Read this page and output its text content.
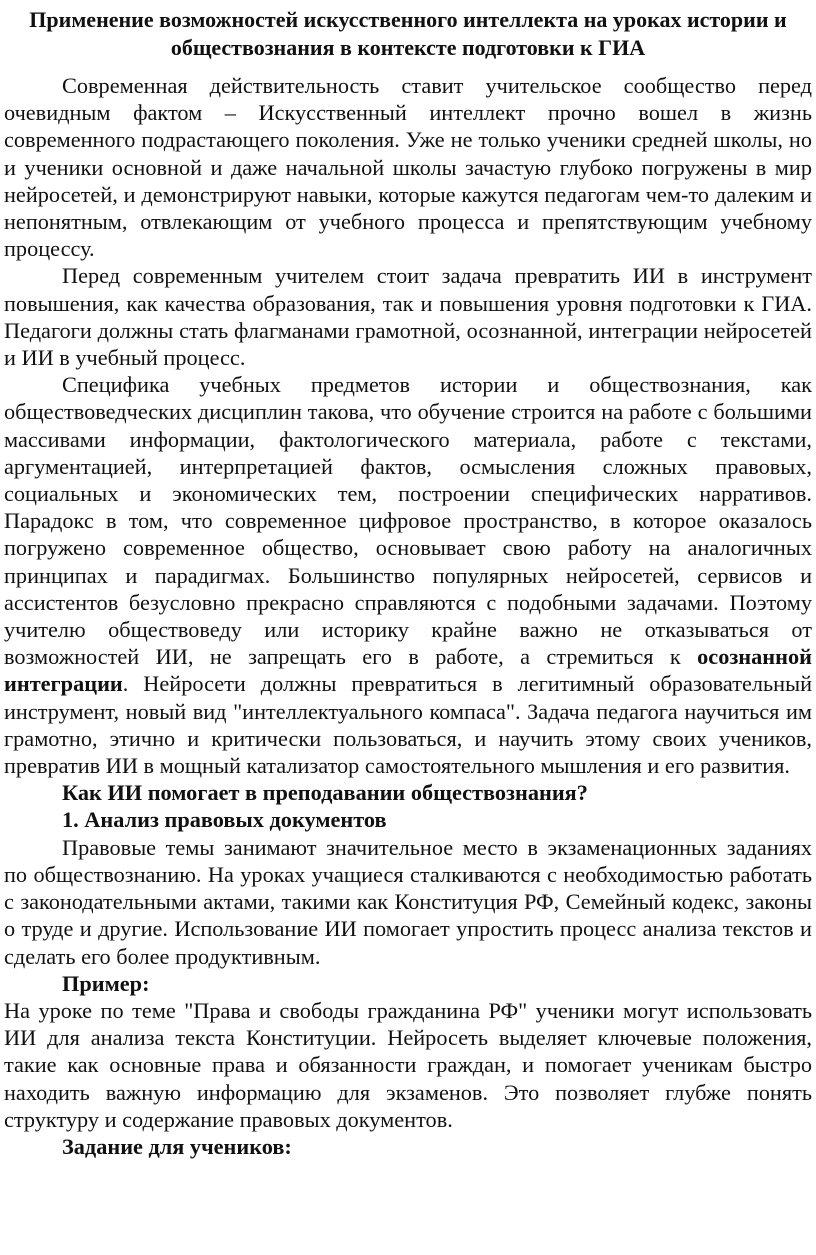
Применение возможностей искусственного интеллекта на уроках истории и обществознания в контексте подготовки к ГИА

Современная действительность ставит учительское сообщество перед очевидным фактом – Искусственный интеллект прочно вошел в жизнь современного подрастающего поколения. Уже не только ученики средней школы, но и ученики основной и даже начальной школы зачастую глубоко погружены в мир нейросетей, и демонстрируют навыки, которые кажутся педагогам чем-то далеким и непонятным, отвлекающим от учебного процесса и препятствующим учебному процессу.

Перед современным учителем стоит задача превратить ИИ в инструмент повышения, как качества образования, так и повышения уровня подготовки к ГИА. Педагоги должны стать флагманами грамотной, осознанной, интеграции нейросетей и ИИ в учебный процесс.

Специфика учебных предметов истории и обществознания, как обществоведческих дисциплин такова, что обучение строится на работе с большими массивами информации, фактологического материала, работе с текстами, аргументацией, интерпретацией фактов, осмысления сложных правовых, социальных и экономических тем, построении специфических нарративов. Парадокс в том, что современное цифровое пространство, в которое оказалось погружено современное общество, основывает свою работу на аналогичных принципах и парадигмах. Большинство популярных нейросетей, сервисов и ассистентов безусловно прекрасно справляются с подобными задачами. Поэтому учителю обществоведу или историку крайне важно не отказываться от возможностей ИИ, не запрещать его в работе, а стремиться к осознанной интеграции. Нейросети должны превратиться в легитимный образовательный инструмент, новый вид "интеллектуального компаса". Задача педагога научиться им грамотно, этично и критически пользоваться, и научить этому своих учеников, превратив ИИ в мощный катализатор самостоятельного мышления и его развития.

Как ИИ помогает в преподавании обществознания?

1. Анализ правовых документов

Правовые темы занимают значительное место в экзаменационных заданиях по обществознанию. На уроках учащиеся сталкиваются с необходимостью работать с законодательными актами, такими как Конституция РФ, Семейный кодекс, законы о труде и другие. Использование ИИ помогает упростить процесс анализа текстов и сделать его более продуктивным.

Пример:

На уроке по теме "Права и свободы гражданина РФ" ученики могут использовать ИИ для анализа текста Конституции. Нейросеть выделяет ключевые положения, такие как основные права и обязанности граждан, и помогает ученикам быстро находить важную информацию для экзаменов. Это позволяет глубже понять структуру и содержание правовых документов.

Задание для учеников:
